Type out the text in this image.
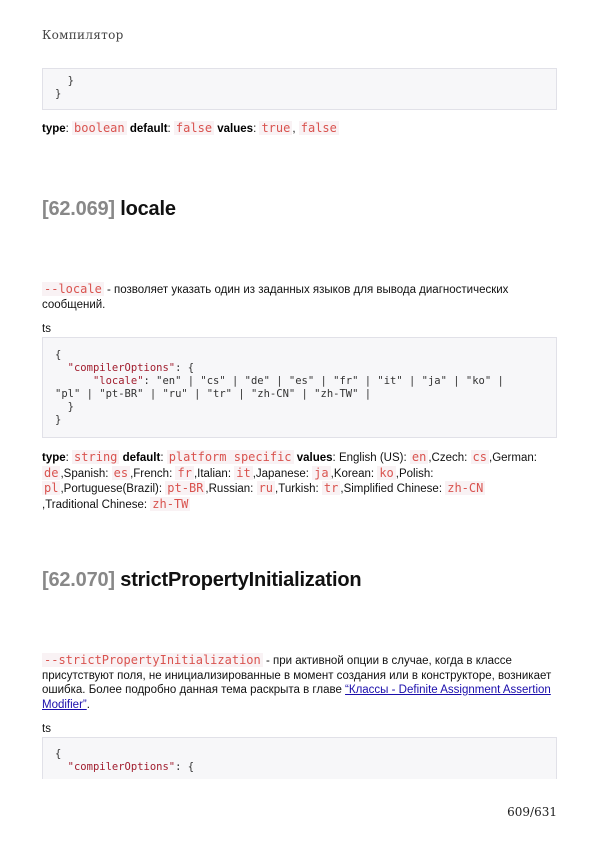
Компилятор
}
}
type: boolean default: false values: true , false
[62.069] locale
--locale - позволяет указать один из заданных языков для вывода диагностических сообщений.
ts
{
"compilerOptions": {
"locale": "en" | "cs" | "de" | "es" | "fr" | "it" | "ja" | "ko" |
"pl" | "pt-BR" | "ru" | "tr" | "zh-CN" | "zh-TW" |
}
}
type: string default: platform specific values: English (US): en ,Czech: cs ,German: de ,Spanish: es ,French: fr ,Italian: it ,Japanese: ja ,Korean: ko ,Polish: pl ,Portuguese(Brazil): pt-BR ,Russian: ru ,Turkish: tr ,Simplified Chinese: zh-CN ,Traditional Chinese: zh-TW
[62.070] strictPropertyInitialization
--strictPropertyInitialization - при активной опции в случае, когда в классе присутствуют поля, не инициализированные в момент создания или в конструкторе, возникает ошибка. Более подробно данная тема раскрыта в главе “Классы - Definite Assignment Assertion Modifier”.
ts
{
"compilerOptions": {
609/631
